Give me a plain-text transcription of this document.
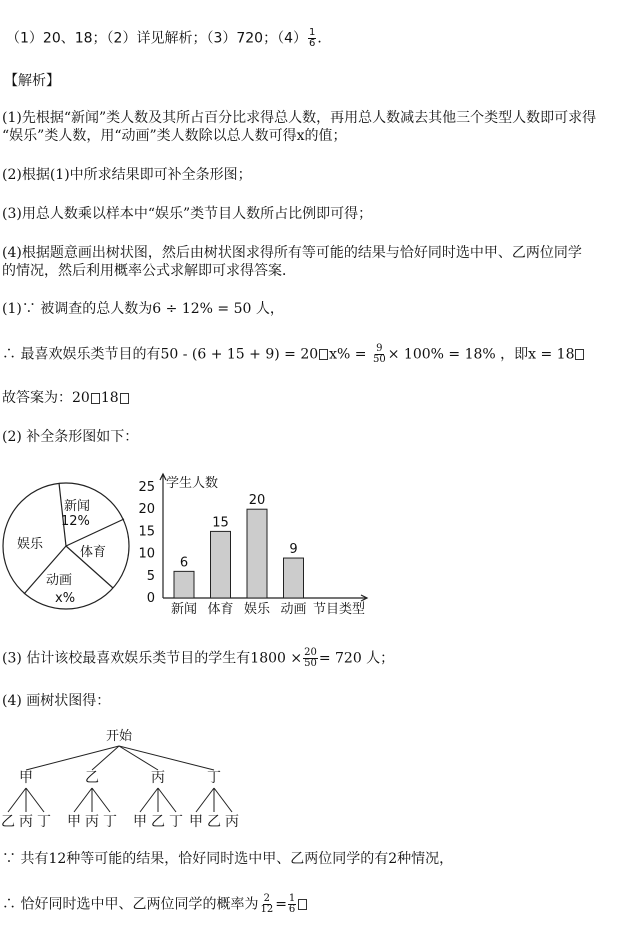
（1）20、18；（2）详见解析；（3）720；$(4) \frac{1}{6}$ ．
【解析】
(1)先根据“新闻”类人数及其所占百分比求得总人数，再用总人数减去其他三个类型人数即可求得
“娱乐”类人数，用“动画”类人数除以总人数可得x的值；
(2)根据(1)中所求结果即可补全条形图；
(3)用总人数乘以样本中“娱乐”类节目人数所占比例即可得；
(4)根据题意画出树状图，然后由树状图求得所有等可能的结果与恰好同时选中甲、乙两位同学
的情况，然后利用概率公式求解即可求得答案．
(1)∵ 被调查的总人数为6 ÷ 12% = 50 人，
∴ 最喜欢娱乐类节目的有50 - (6 + 15 + 9) = 20 $x\% = \frac{9}{50} \times 100\% = 18\%$ ，即x = 18
故答案为：20 18
(2) 补全条形图如下：
新闻
12%
体育
娱乐
动画
x%
25
20
15
10
5
0
6
15
20
9
新闻 体育 娱乐 动画
学生人数
节目类型
(3) 估计该校最喜欢娱乐类节目的学生有$1800 \times \frac{20}{50} = 720$ 人；
(4) 画树状图得：
开始
甲	乙	丙	丁
乙 丙 丁 甲 丙 丁 甲 乙 丁 甲 乙 丙
∵ 共有12种等可能的结果，恰好同时选中甲、乙两位同学的有2种情况，
∴ 恰好同时选中甲、乙两位同学的概率为 $\frac{2}{12} = \frac{1}{6}$
